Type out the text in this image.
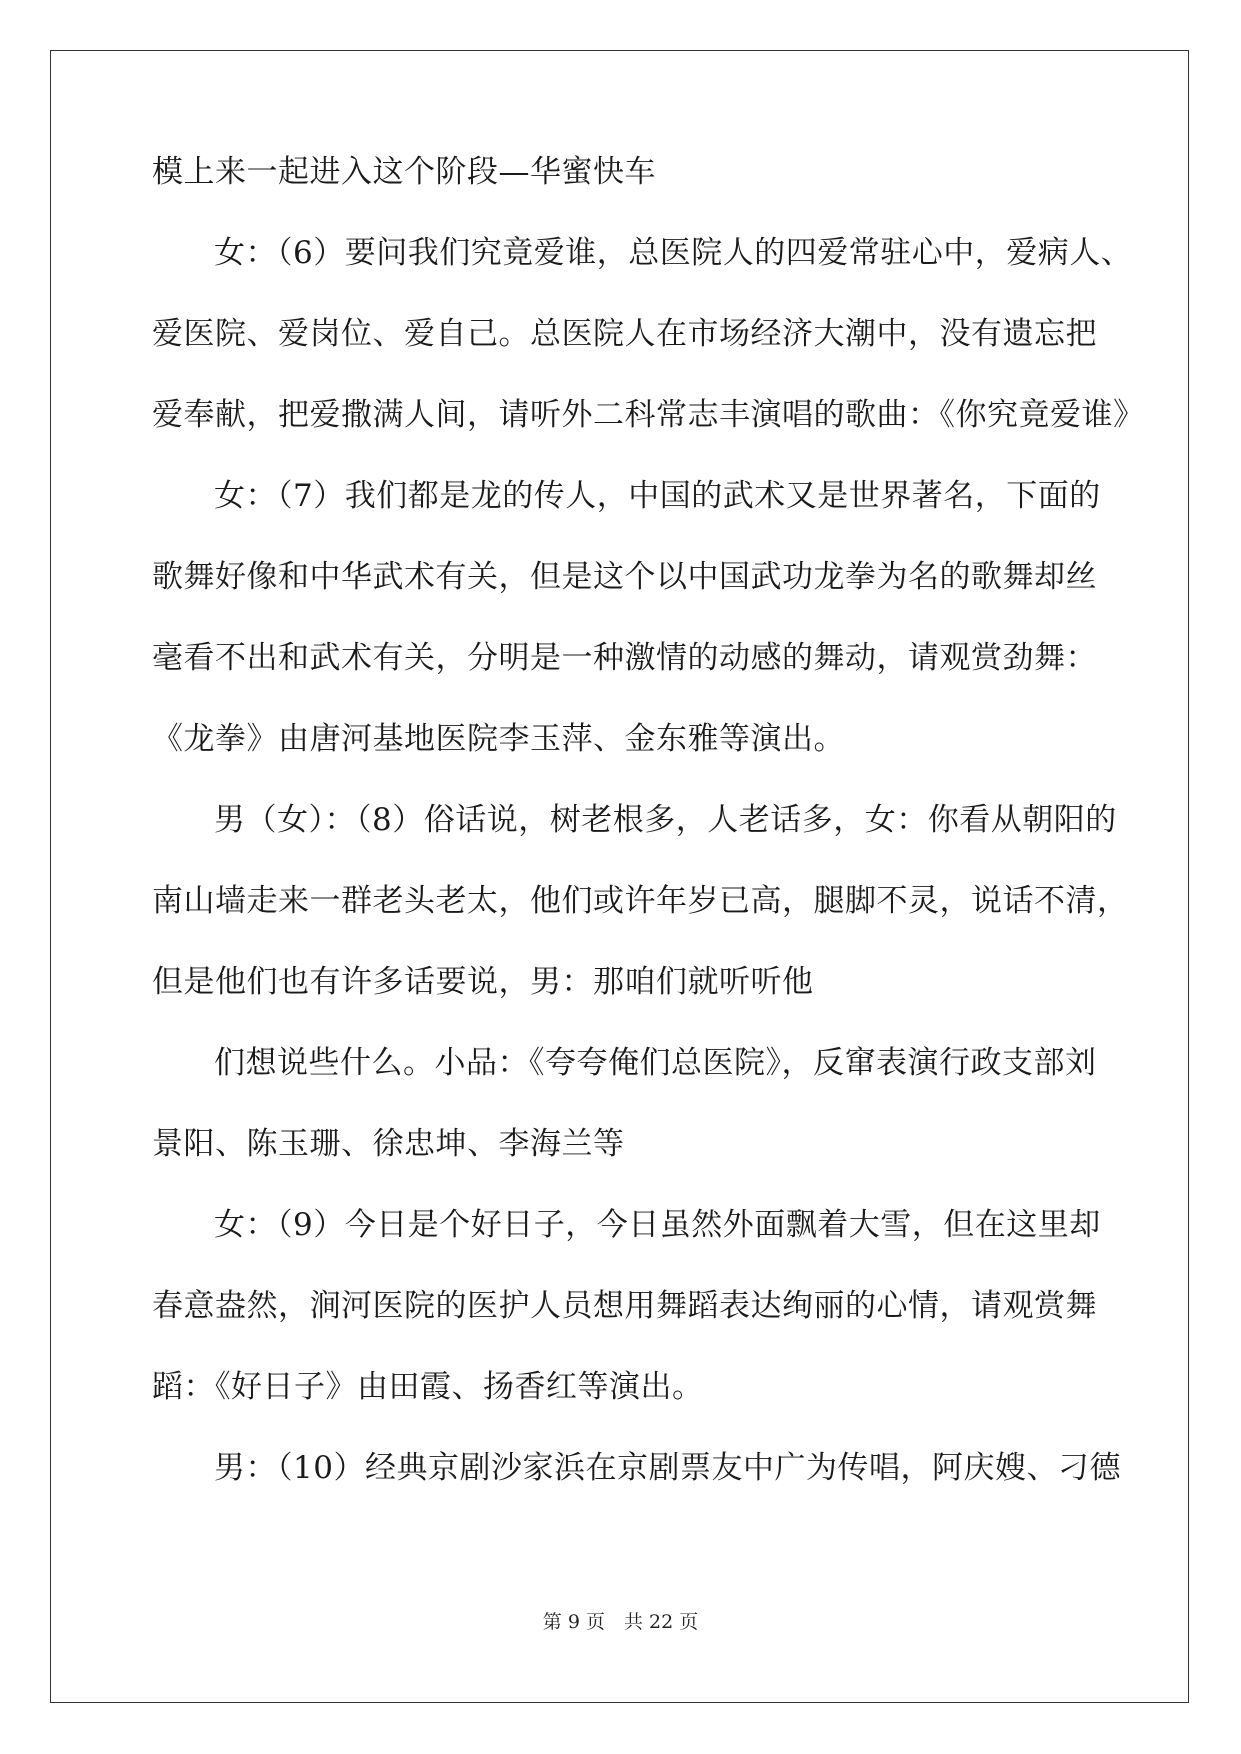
模上来一起进入这个阶段—华蜜快车
女：（6）要问我们究竟爱谁，总医院人的四爱常驻心中，爱病人、
爱医院、爱岗位、爱自己。总医院人在市场经济大潮中，没有遗忘把
爱奉献，把爱撒满人间，请听外二科常志丰演唱的歌曲：《你究竟爱谁》
女：（7）我们都是龙的传人，中国的武术又是世界著名，下面的
歌舞好像和中华武术有关，但是这个以中国武功龙拳为名的歌舞却丝
毫看不出和武术有关，分明是一种激情的动感的舞动，请观赏劲舞：
《龙拳》由唐河基地医院李玉萍、金东雅等演出。
男（女）：（8）俗话说，树老根多，人老话多，女：你看从朝阳的
南山墙走来一群老头老太，他们或许年岁已高，腿脚不灵，说话不清，
但是他们也有许多话要说，男：那咱们就听听他
们想说些什么。小品：《夸夸俺们总医院》，反窜表演行政支部刘
景阳、陈玉珊、徐忠坤、李海兰等
女：（9）今日是个好日子，今日虽然外面飘着大雪，但在这里却
春意盎然，涧河医院的医护人员想用舞蹈表达绚丽的心情，请观赏舞
蹈：《好日子》由田霞、扬香红等演出。
男：（10）经典京剧沙家浜在京剧票友中广为传唱，阿庆嫂、刁德
第 9 页　共 22 页
